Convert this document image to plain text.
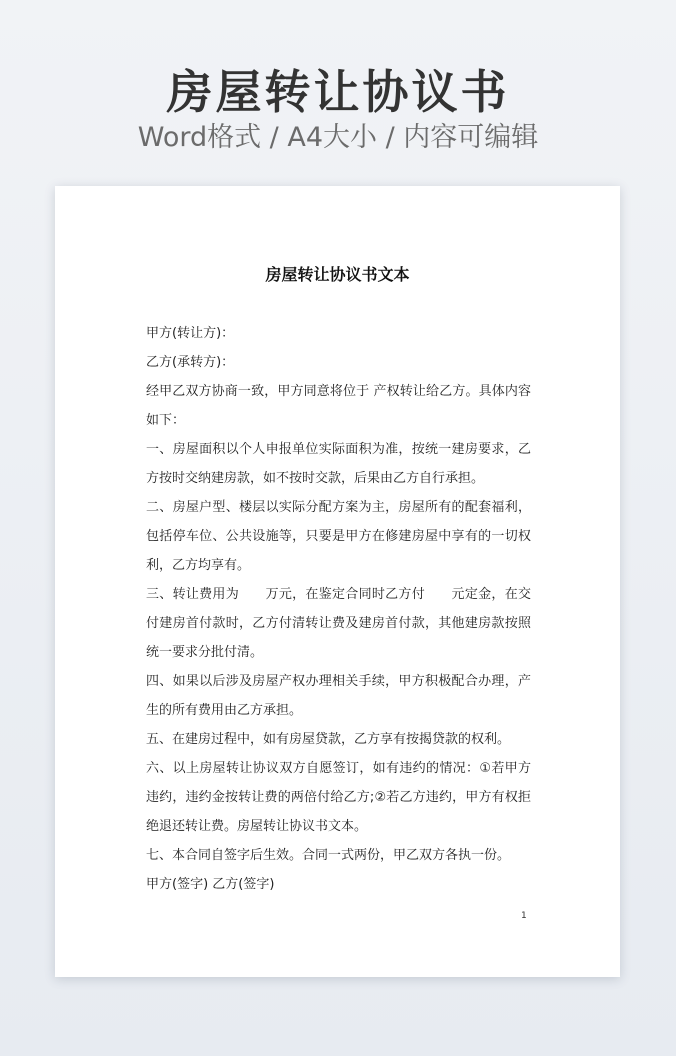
房屋转让协议书
Word格式 / A4大小 / 内容可编辑
房屋转让协议书文本

甲方(转让方)：

乙方(承转方)：

经甲乙双方协商一致，甲方同意将位于 产权转让给乙方。具体内容如下：

一、房屋面积以个人申报单位实际面积为准，按统一建房要求，乙方按时交纳建房款，如不按时交款，后果由乙方自行承担。

二、房屋户型、楼层以实际分配方案为主，房屋所有的配套福利，包括停车位、公共设施等，只要是甲方在修建房屋中享有的一切权利，乙方均享有。

三、转让费用为　　万元，在鉴定合同时乙方付　　元定金，在交付建房首付款时，乙方付清转让费及建房首付款，其他建房款按照统一要求分批付清。

四、如果以后涉及房屋产权办理相关手续，甲方积极配合办理，产生的所有费用由乙方承担。

五、在建房过程中，如有房屋贷款，乙方享有按揭贷款的权利。

六、以上房屋转让协议双方自愿签订，如有违约的情况：①若甲方违约，违约金按转让费的两倍付给乙方;②若乙方违约，甲方有权拒绝退还转让费。房屋转让协议书文本。

七、本合同自签字后生效。合同一式两份，甲乙双方各执一份。

甲方(签字) 乙方(签字)

1
